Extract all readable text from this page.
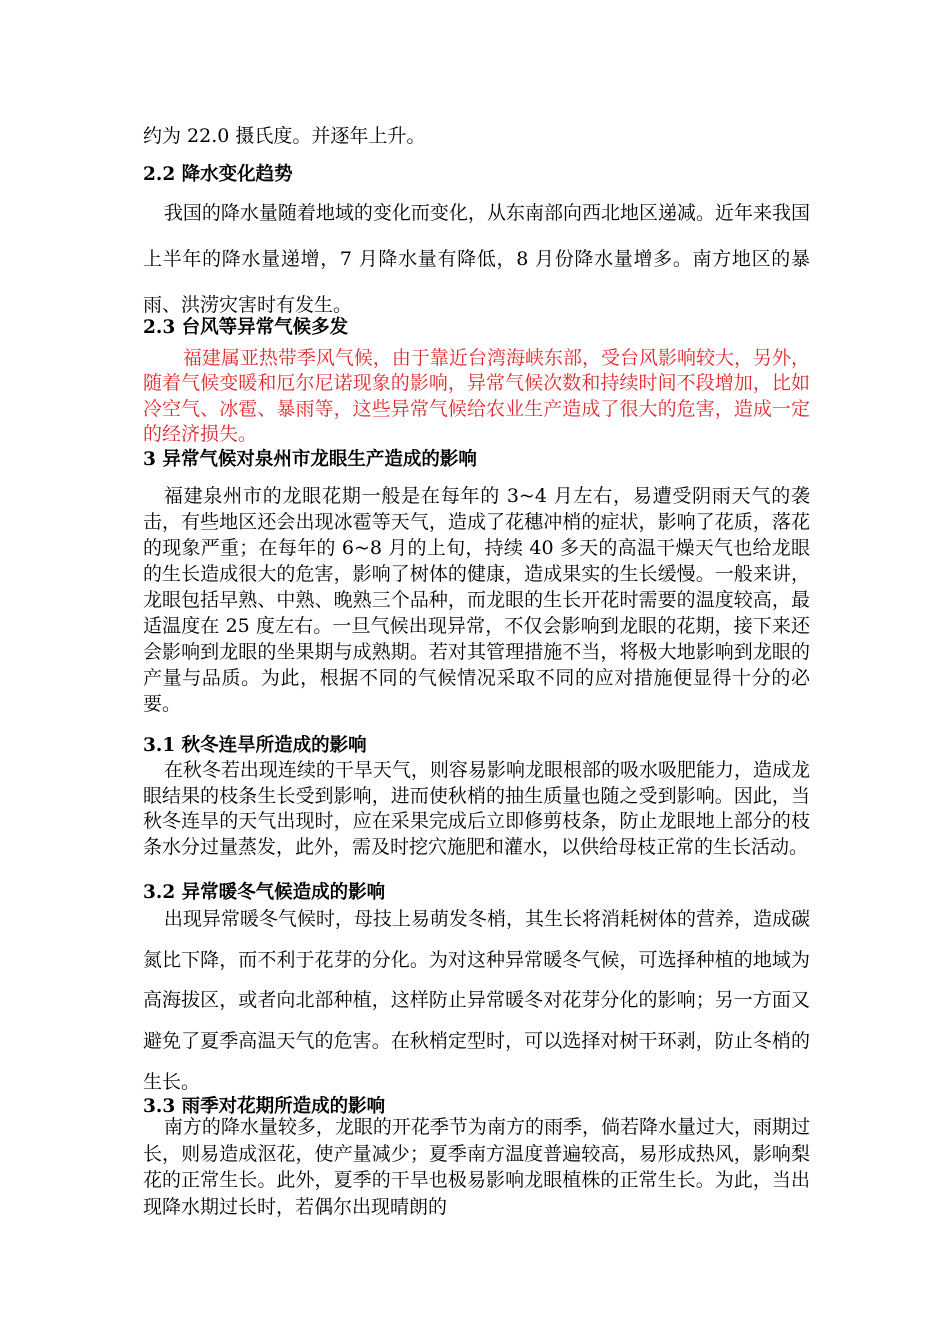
约为 22.0 摄氏度。并逐年上升。

2.2 降水变化趋势

我国的降水量随着地域的变化而变化，从东南部向西北地区递减。近年来我国上半年的降水量递增，7 月降水量有降低，8 月份降水量增多。南方地区的暴雨、洪涝灾害时有发生。

2.3 台风等异常气候多发

福建属亚热带季风气候，由于靠近台湾海峡东部，受台风影响较大，另外，随着气候变暖和厄尔尼诺现象的影响，异常气候次数和持续时间不段增加，比如冷空气、冰雹、暴雨等，这些异常气候给农业生产造成了很大的危害，造成一定的经济损失。

3 异常气候对泉州市龙眼生产造成的影响

福建泉州市的龙眼花期一般是在每年的 3~4 月左右，易遭受阴雨天气的袭击，有些地区还会出现冰雹等天气，造成了花穗冲梢的症状，影响了花质，落花的现象严重；在每年的 6~8 月的上旬，持续 40 多天的高温干燥天气也给龙眼的生长造成很大的危害，影响了树体的健康，造成果实的生长缓慢。一般来讲，龙眼包括早熟、中熟、晚熟三个品种，而龙眼的生长开花时需要的温度较高，最适温度在 25 度左右。一旦气候出现异常，不仅会影响到龙眼的花期，接下来还会影响到龙眼的坐果期与成熟期。若对其管理措施不当，将极大地影响到龙眼的产量与品质。为此，根据不同的气候情况采取不同的应对措施便显得十分的必要。

3.1 秋冬连旱所造成的影响

在秋冬若出现连续的干旱天气，则容易影响龙眼根部的吸水吸肥能力，造成龙眼结果的枝条生长受到影响，进而使秋梢的抽生质量也随之受到影响。因此，当秋冬连旱的天气出现时，应在采果完成后立即修剪枝条，防止龙眼地上部分的枝条水分过量蒸发，此外，需及时挖穴施肥和灌水，以供给母枝正常的生长活动。

3.2 异常暖冬气候造成的影响

出现异常暖冬气候时，母技上易萌发冬梢，其生长将消耗树体的营养，造成碳氮比下降，而不利于花芽的分化。为对这种异常暖冬气候，可选择种植的地域为高海拔区，或者向北部种植，这样防止异常暖冬对花芽分化的影响；另一方面又避免了夏季高温天气的危害。在秋梢定型时，可以选择对树干环剥，防止冬梢的生长。

3.3 雨季对花期所造成的影响

南方的降水量较多，龙眼的开花季节为南方的雨季，倘若降水量过大，雨期过长，则易造成沤花，使产量减少；夏季南方温度普遍较高，易形成热风，影响梨花的正常生长。此外，夏季的干旱也极易影响龙眼植株的正常生长。为此，当出现降水期过长时，若偶尔出现晴朗的
